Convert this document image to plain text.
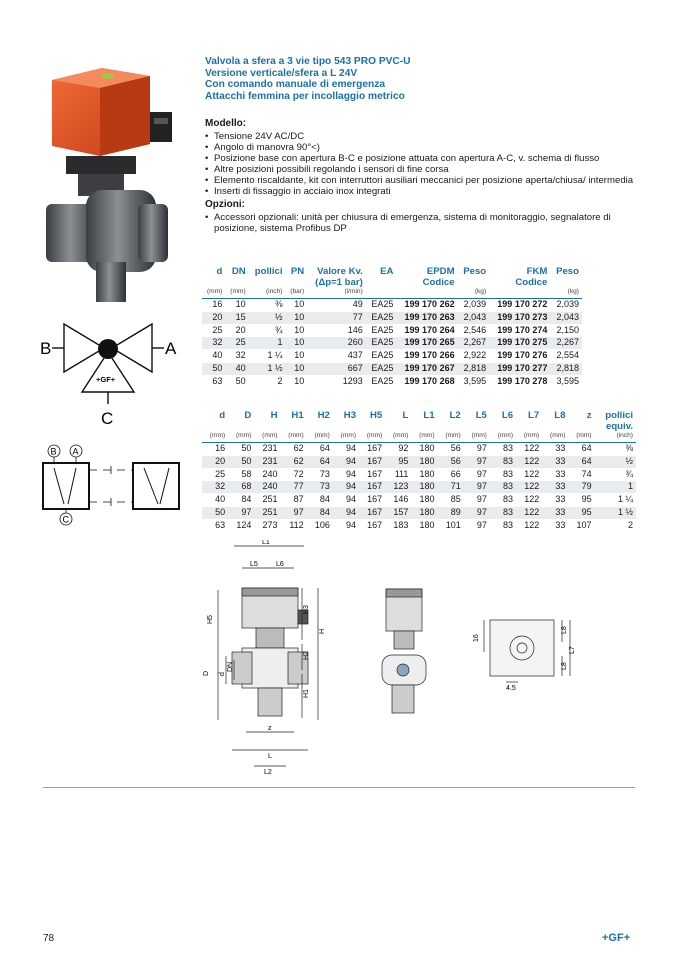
Valvola a sfera a 3 vie tipo 543 PRO PVC-U
Versione verticale/sfera a L 24V
Con comando manuale di emergenza
Attacchi femmina per incollaggio metrico
Modello:
• Tensione 24V AC/DC
• Angolo di manovra 90°<)
• Posizione base con apertura B-C e posizione attuata con apertura A-C, v. schema di flusso
• Altre posizioni possibili regolando i sensori di fine corsa
• Elemento riscaldante, kit con interruttori ausiliari meccanici per posizione aperta/chiusa/ intermedia
• Inserti di fissaggio in acciaio inox integrati
Opzioni:
• Accessori opzionali: unità per chiusura di emergenza, sistema di monitoraggio, segnalatore di posizione, sistema Profibus DP
B	A
C
+GF+
B A
C
d	DN	pollici	PN	Valore Kv.	EA	EPDM	Peso	FKM	Peso
				(Δp=1 bar)		Codice		Codice	
(mm)	(mm)	(inch)	(bar)	(l/min)			(kg)		(kg)
16	10	⅜	10	49	EA25	199 170 262	2,039	199 170 272	2,039
20	15	½	10	77	EA25	199 170 263	2,043	199 170 273	2,043
25	20	¾	10	146	EA25	199 170 264	2,546	199 170 274	2,150
32	25	1	10	260	EA25	199 170 265	2,267	199 170 275	2,267
40	32	1 ¼	10	437	EA25	199 170 266	2,922	199 170 276	2,554
50	40	1 ½	10	667	EA25	199 170 267	2,818	199 170 277	2,818
63	50	2	10	1293	EA25	199 170 268	3,595	199 170 278	3,595
d	D	H	H1	H2	H3	H5	L	L1	L2	L5	L6	L7	L8	z	pollici
															equiv.
(mm)	(mm)	(mm)	(mm)	(mm)	(mm)	(mm)	(mm)	(mm)	(mm)	(mm)	(mm)	(mm)	(mm)	(mm)	(inch)
16	50	231	62	64	94	167	92	180	56	97	83	122	33	64	⅜
20	50	231	62	64	94	167	95	180	56	97	83	122	33	64	½
25	58	240	72	73	94	167	111	180	66	97	83	122	33	74	¾
32	68	240	77	73	94	167	123	180	71	97	83	122	33	79	1
40	84	251	87	84	94	167	146	180	85	97	83	122	33	95	1 ¼
50	97	251	97	84	94	167	157	180	89	97	83	122	33	95	1 ½
63	124	273	112	106	94	167	183	180	101	97	83	122	33	107	2
L1
L5	L6
H5
H3
H
H2
H1
D d
DN
z
L
L2
16
L8
L7
L8
4.5
78	+GF+
